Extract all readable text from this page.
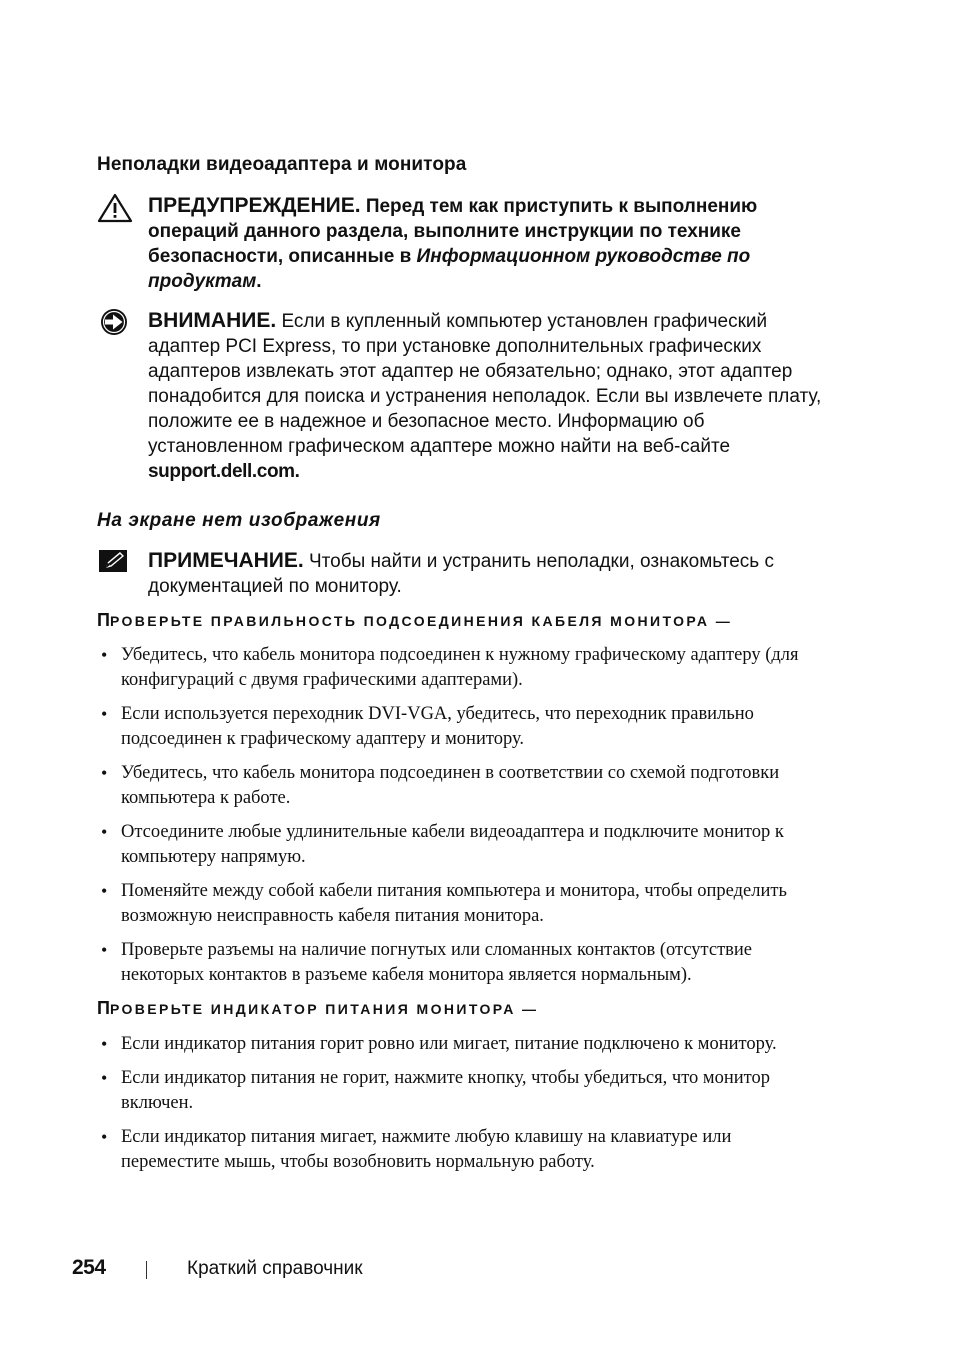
Неполадки видеоадаптера и монитора
ПРЕДУПРЕЖДЕНИЕ. Перед тем как приступить к выполнению операций данного раздела, выполните инструкции по технике безопасности, описанные в Информационном руководстве по продуктам.
ВНИМАНИЕ. Если в купленный компьютер установлен графический адаптер PCI Express, то при установке дополнительных графических адаптеров извлекать этот адаптер не обязательно; однако, этот адаптер понадобится для поиска и устранения неполадок. Если вы извлечете плату, положите ее в надежное и безопасное место. Информацию об установленном графическом адаптере можно найти на веб-сайте support.dell.com.
На экране нет изображения
ПРИМЕЧАНИЕ. Чтобы найти и устранить неполадки, ознакомьтесь с документацией по монитору.
ПРОВЕРЬТЕ ПРАВИЛЬНОСТЬ ПОДСОЕДИНЕНИЯ КАБЕЛЯ МОНИТОРА —
• Убедитесь, что кабель монитора подсоединен к нужному графическому адаптеру (для конфигураций с двумя графическими адаптерами).
• Если используется переходник DVI-VGA, убедитесь, что переходник правильно подсоединен к графическому адаптеру и монитору.
• Убедитесь, что кабель монитора подсоединен в соответствии со схемой подготовки компьютера к работе.
• Отсоедините любые удлинительные кабели видеоадаптера и подключите монитор к компьютеру напрямую.
• Поменяйте между собой кабели питания компьютера и монитора, чтобы определить возможную неисправность кабеля питания монитора.
• Проверьте разъемы на наличие погнутых или сломанных контактов (отсутствие некоторых контактов в разъеме кабеля монитора является нормальным).
ПРОВЕРЬТЕ ИНДИКАТОР ПИТАНИЯ МОНИТОРА —
• Если индикатор питания горит ровно или мигает, питание подключено к монитору.
• Если индикатор питания не горит, нажмите кнопку, чтобы убедиться, что монитор включен.
• Если индикатор питания мигает, нажмите любую клавишу на клавиатуре или переместите мышь, чтобы возобновить нормальную работу.
254	Краткий справочник
